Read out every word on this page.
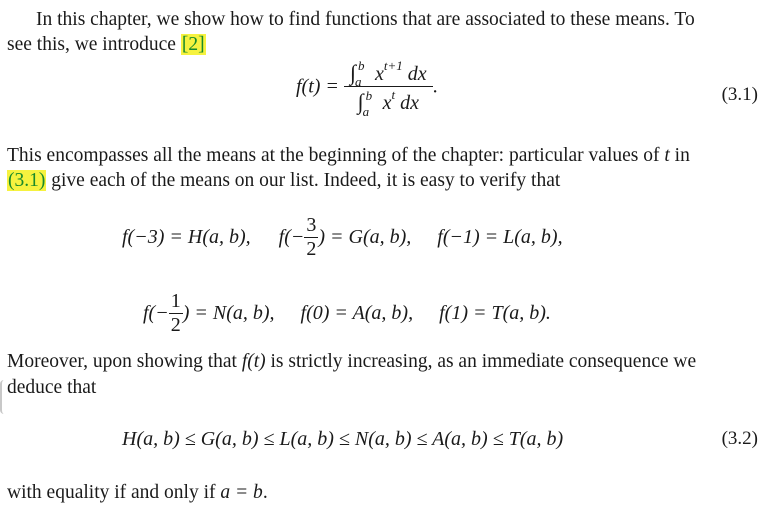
In this chapter, we show how to find functions that are associated to these means. To
see this, we introduce [2]
f(t) = ∫ b
a $x^{t+1}$ dx
∫ b
a $x^t$ dx .	(3.1)
This encompasses all the means at the beginning of the chapter: particular values of t in
(3.1) give each of the means on our list. Indeed, it is easy to verify that
f(−3) = H(a, b), $f(- \frac{3}{2}$ ) = G(a, b), f(−1) = L(a, b),
$f(- \frac{1}{2}$ ) = N(a, b), f(0) = A(a, b), f(1) = T(a, b).
Moreover, upon showing that f(t) is strictly increasing, as an immediate consequence we
deduce that
H(a, b) ≤ G(a, b) ≤ L(a, b) ≤ N(a, b) ≤ A(a, b) ≤ T(a, b)	(3.2)
with equality if and only if a = b.
